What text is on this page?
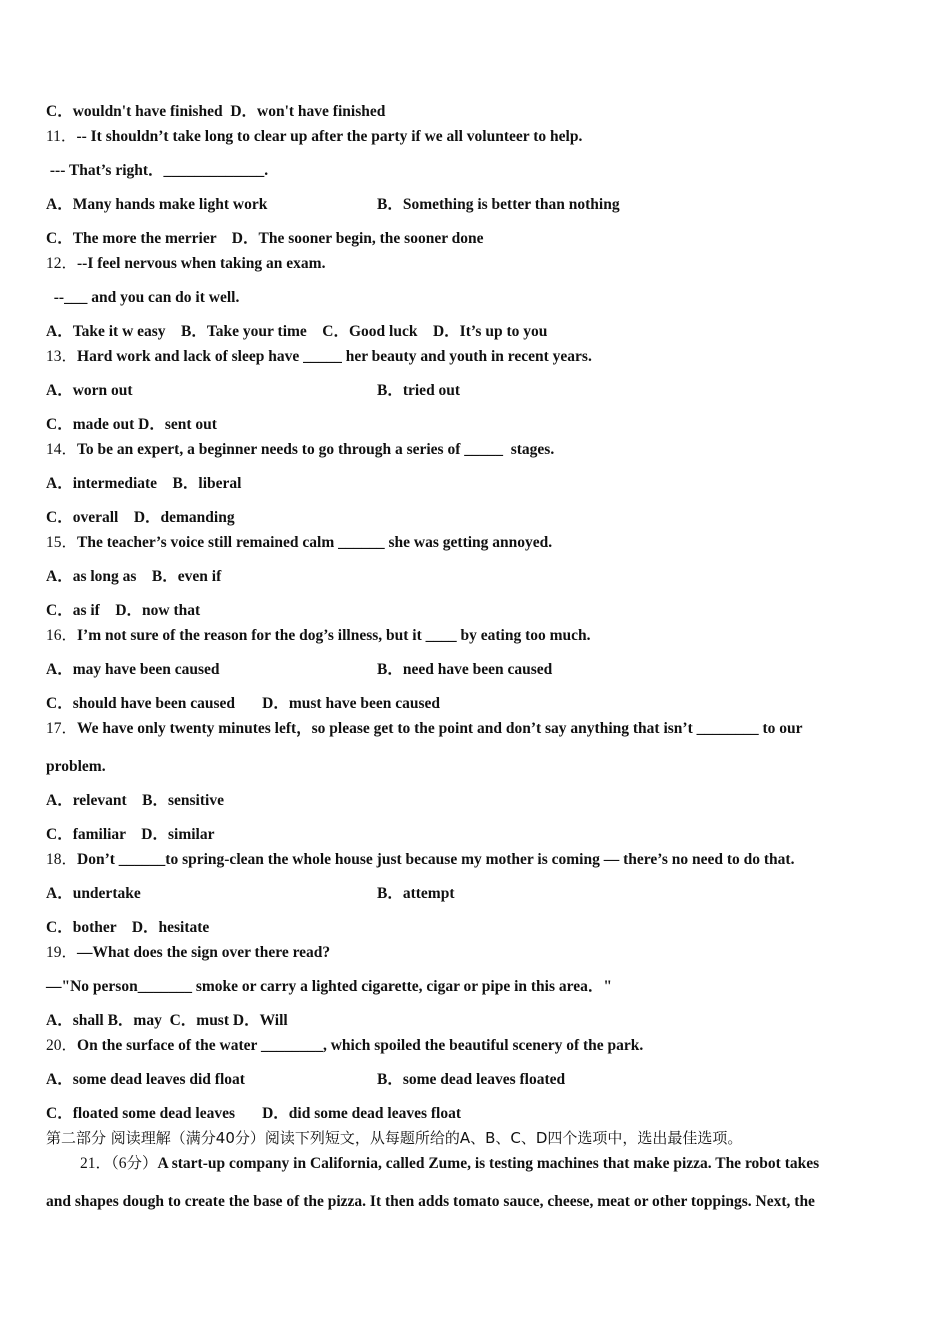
C．wouldn't have finished  D．won't have finished
11．-- It shouldn’t take long to clear up after the party if we all volunteer to help.
--- That’s right．_____________.
A．Many hands make light work	B．Something is better than nothing
C．The more the merrier    D．The sooner begin, the sooner done
12．--I feel nervous when taking an exam.
--___ and you can do it well.
A．Take it w easy    B．Take your time    C．Good luck    D．It’s up to you
13．Hard work and lack of sleep have _____ her beauty and youth in recent years.
A．worn out	B．tried out
C．made out D．sent out
14．To be an expert, a beginner needs to go through a series of _____  stages.
A．intermediate    B．liberal
C．overall    D．demanding
15．The teacher’s voice still remained calm ______ she was getting annoyed.
A．as long as    B．even if
C．as if    D．now that
16．I’m not sure of the reason for the dog’s illness, but it ____ by eating too much.
A．may have been caused	B．need have been caused
C．should have been caused       D．must have been caused
17．We have only twenty minutes left，so please get to the point and don’t say anything that isn’t ________ to our
problem.
A．relevant    B．sensitive
C．familiar    D．similar
18．Don’t ______to spring-clean the whole house just because my mother is coming — there’s no need to do that.
A．undertake	B．attempt
C．bother    D．hesitate
19．—What does the sign over there read?
—"No person_______ smoke or carry a lighted cigarette, cigar or pipe in this area．"
A．shall B．may  C．must D．Will
20．On the surface of the water ________, which spoiled the beautiful scenery of the park.
A．some dead leaves did float	B．some dead leaves floated
C．floated some dead leaves       D．did some dead leaves float
第二部分 阅读理解（满分40分）阅读下列短文，从每题所给的A、B、C、D四个选项中，选出最佳选项。
21．（6分）A start-up company in California, called Zume, is testing machines that make pizza. The robot takes
and shapes dough to create the base of the pizza. It then adds tomato sauce, cheese, meat or other toppings. Next, the
